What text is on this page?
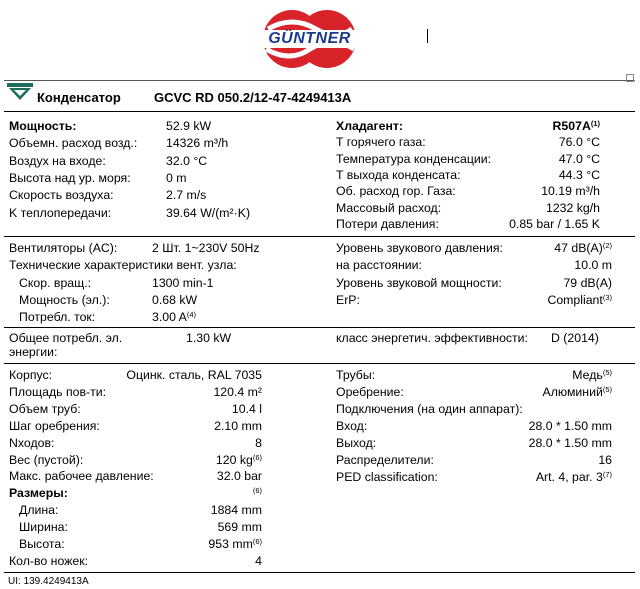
GÜNTNER
Конденсатор	GCVC RD 050.2/12-47-4249413A
Общее потребл. эл.
энергии:
1.30 kW	класс энергетич. эффективности: D (2014)
UI: 139.4249413A
Мощность:	52.9 kW
Объемн. расход возд.: 14326 m³/h
Воздух на входе:	32.0 °C
Высота над ур. моря:	0 m
Скорость воздуха:	2.7 m/s
K теплопередачи:	39.64 W/(m²·K)
Хладагент:	$R507A^{(1)}$
T горячего газа:	76.0 °C
Температура конденсации:	47.0 °C
T выхода конденсата:	44.3 °C
Об. расход гор. Газа:	10.19 m³/h
Массовый расход:	1232 kg/h
Потери давления:	0.85 bar / 1.65 K
Вентиляторы (AC):	2 Шт. 1~230V 50Hz
Технические характеристики вент. узла:
Скор. вращ.:	1300 min-1
Мощность (эл.):	0.68 kW
Потребл. ток:	3.00 $A^{(4)}$
Уровень звукового давления:	47 $dB(A)^{(2)}$
на расстоянии:	10.0 m
Уровень звуковой мощности:	79 dB(A)
ErP:	Compliant$^{(3)}$
Корпус:	Оцинк. сталь, RAL 7035
Площадь пов-ти:	120.4 m²
Объем труб:	10.4 l
Шаг оребрения:	2.10 mm
Nходов:	8
Вес (пустой):	120 $kg^{(6)}$
Макс. рабочее давление:	32.0 bar
Размеры:	$^{(6)}$
Длина:	1884 mm
Ширина:	569 mm
Высота:	953 $mm^{(6)}$
Кол-во ножек:	4
Трубы:	Медь$^{(5)}$
Оребрение:	Алюминий$^{(5)}$
Подключения (на один аппарат):
Вход:	28.0 * 1.50 mm
Выход:	28.0 * 1.50 mm
Распределители:	16
PED classification:	Art. 4, par. 3$^{(7)}$
